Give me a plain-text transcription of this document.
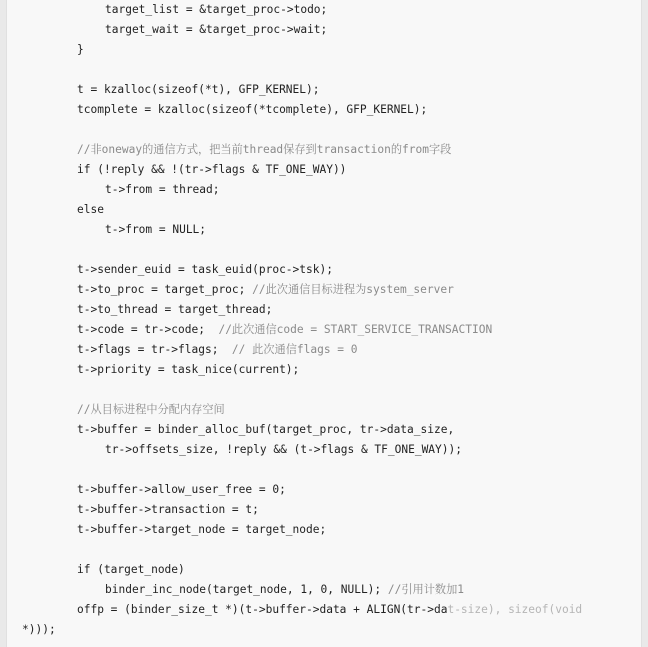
target_list = &target_proc->todo;
target_wait = &target_proc->wait;
}
t = kzalloc(sizeof(*t), GFP_KERNEL);
tcomplete = kzalloc(sizeof(*tcomplete), GFP_KERNEL);
//非oneway的通信方式，把当前thread保存到transaction的from字段
if (!reply && !(tr->flags & TF_ONE_WAY))
t->from = thread;
else
t->from = NULL;
t->sender_euid = task_euid(proc->tsk);
t->to_proc = target_proc; //此次通信目标进程为system_server
t->to_thread = target_thread;
t->code = tr->code;  //此次通信code = START_SERVICE_TRANSACTION
t->flags = tr->flags;  // 此次通信flags = 0
t->priority = task_nice(current);
//从目标进程中分配内存空间
t->buffer = binder_alloc_buf(target_proc, tr->data_size,
tr->offsets_size, !reply && (t->flags & TF_ONE_WAY));
t->buffer->allow_user_free = 0;
t->buffer->transaction = t;
t->buffer->target_node = target_node;
if (target_node)
binder_inc_node(target_node, 1, 0, NULL); //引用计数加1
offp = (binder_size_t *)(t->buffer->data + ALIGN(tr->dat-size), sizeof(void
*)));
